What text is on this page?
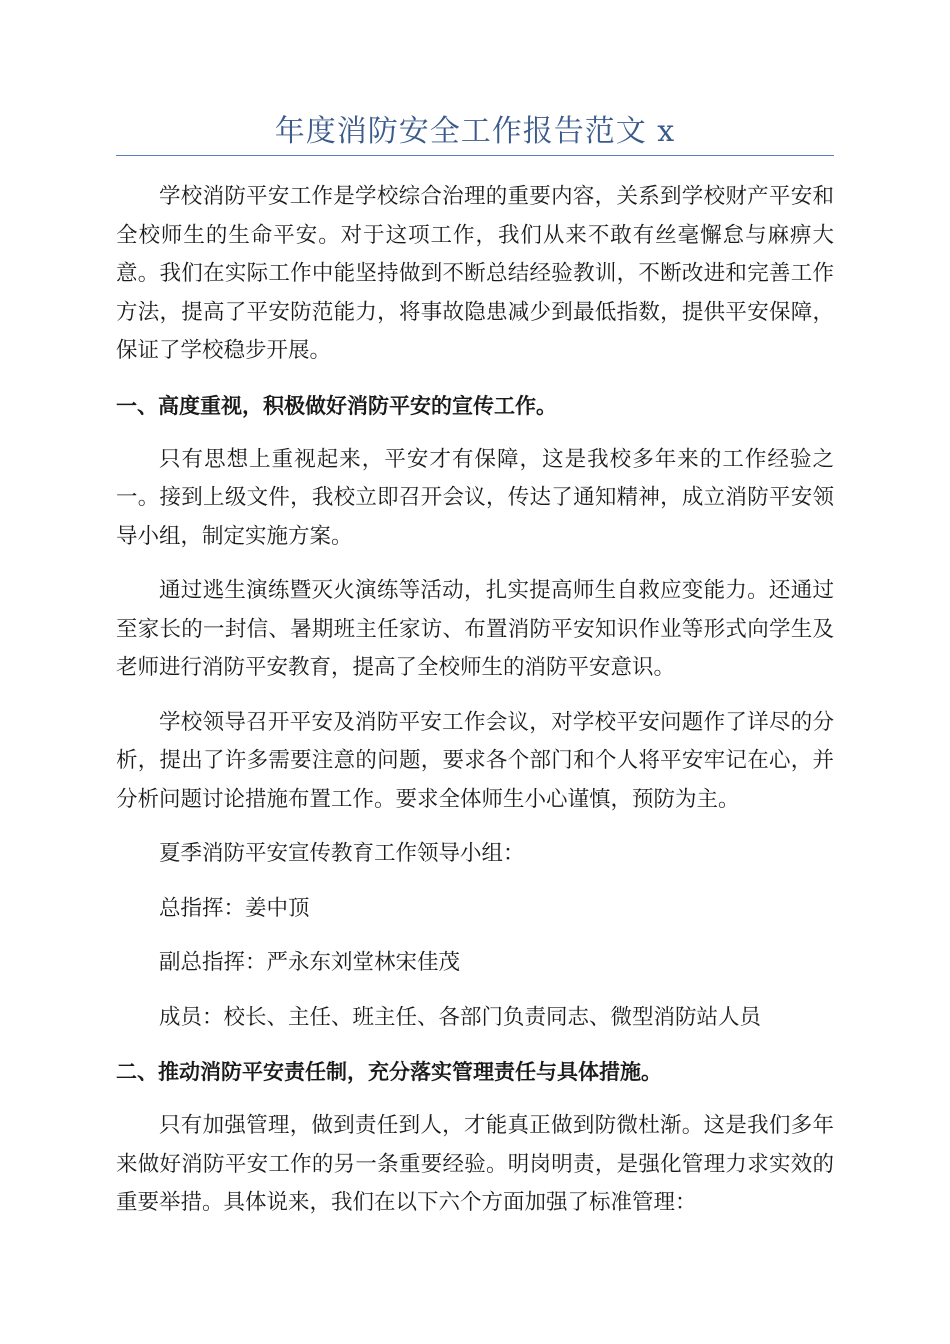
年度消防安全工作报告范文 x

学校消防平安工作是学校综合治理的重要内容，关系到学校财产平安和全校师生的生命平安。对于这项工作，我们从来不敢有丝毫懈怠与麻痹大意。我们在实际工作中能坚持做到不断总结经验教训，不断改进和完善工作方法，提高了平安防范能力，将事故隐患减少到最低指数，提供平安保障，保证了学校稳步开展。

一、高度重视，积极做好消防平安的宣传工作。

只有思想上重视起来，平安才有保障，这是我校多年来的工作经验之一。接到上级文件，我校立即召开会议，传达了通知精神，成立消防平安领导小组，制定实施方案。

通过逃生演练暨灭火演练等活动，扎实提高师生自救应变能力。还通过至家长的一封信、暑期班主任家访、布置消防平安知识作业等形式向学生及老师进行消防平安教育，提高了全校师生的消防平安意识。

学校领导召开平安及消防平安工作会议，对学校平安问题作了详尽的分析，提出了许多需要注意的问题，要求各个部门和个人将平安牢记在心，并分析问题讨论措施布置工作。要求全体师生小心谨慎，预防为主。

夏季消防平安宣传教育工作领导小组：

总指挥：姜中顶

副总指挥：严永东刘堂林宋佳茂

成员：校长、主任、班主任、各部门负责同志、微型消防站人员

二、推动消防平安责任制，充分落实管理责任与具体措施。

只有加强管理，做到责任到人，才能真正做到防微杜渐。这是我们多年来做好消防平安工作的另一条重要经验。明岗明责，是强化管理力求实效的重要举措。具体说来，我们在以下六个方面加强了标准管理：
